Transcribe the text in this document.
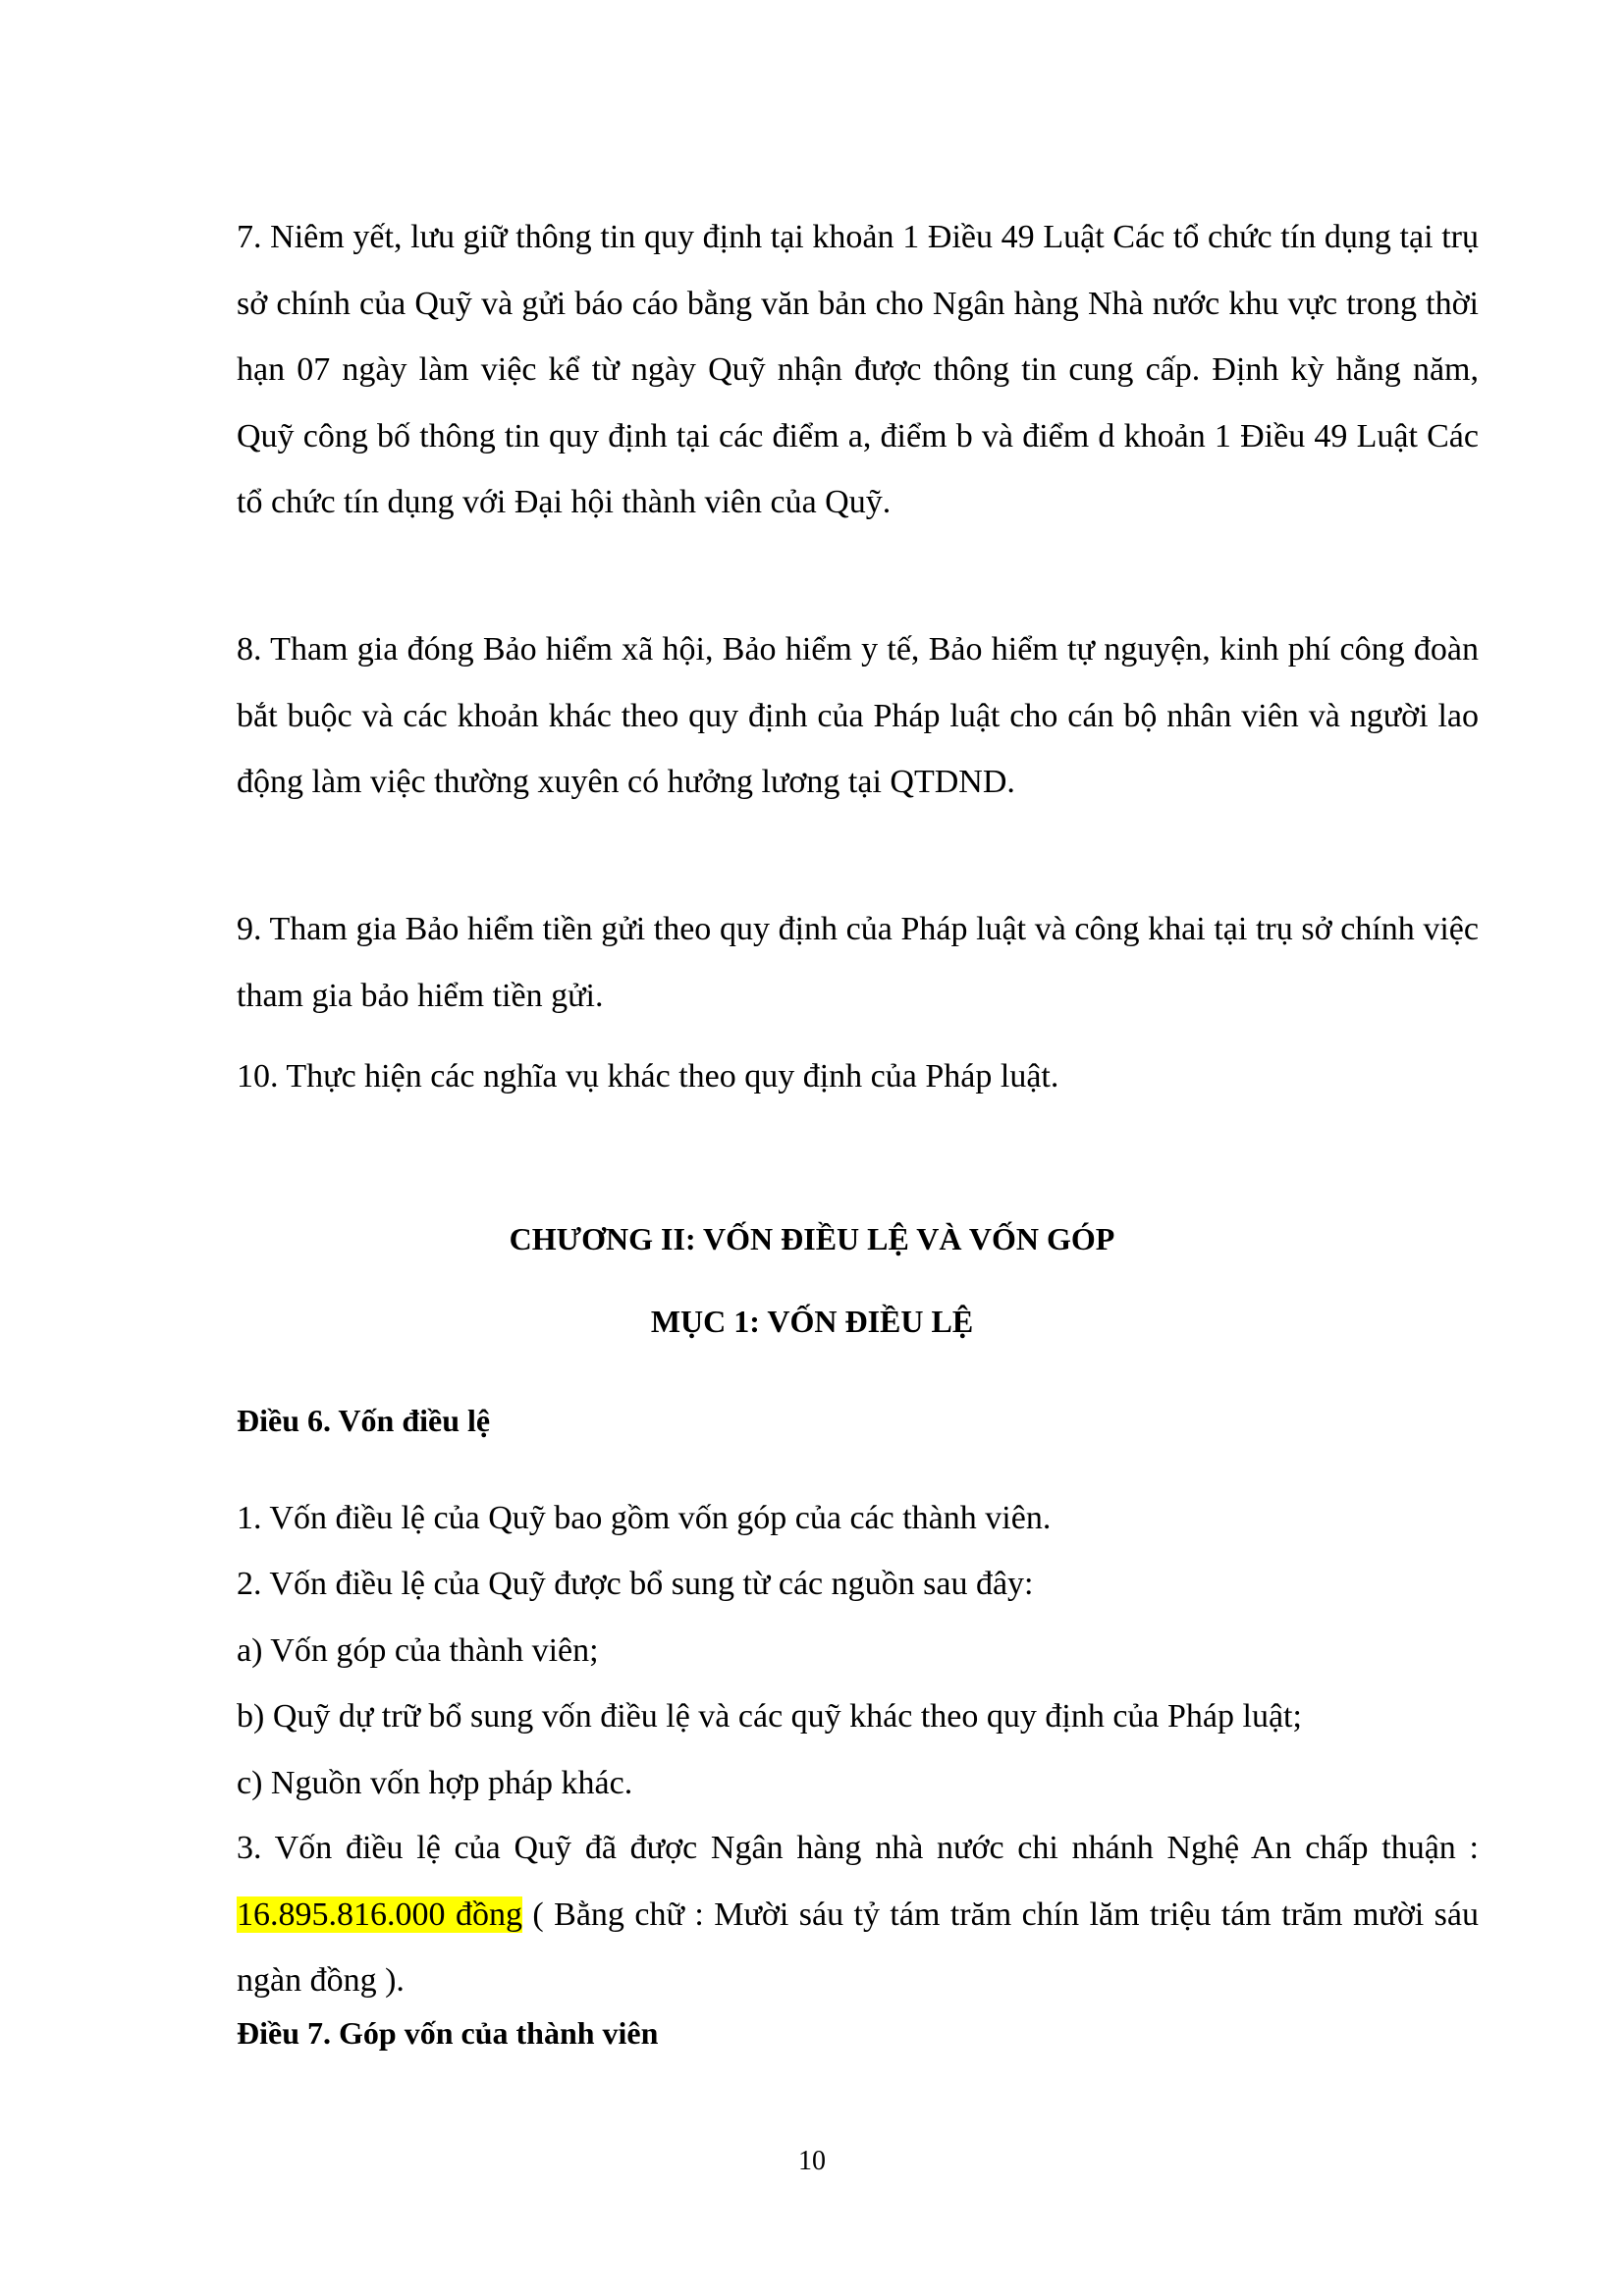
7. Niêm yết, lưu giữ thông tin quy định tại khoản 1 Điều 49 Luật Các tổ chức tín dụng tại trụ sở chính của Quỹ và gửi báo cáo bằng văn bản cho Ngân hàng Nhà nước khu vực trong thời hạn 07 ngày làm việc kể từ ngày Quỹ nhận được thông tin cung cấp. Định kỳ hằng năm, Quỹ công bố thông tin quy định tại các điểm a, điểm b và điểm d khoản 1 Điều 49 Luật Các tổ chức tín dụng với Đại hội thành viên của Quỹ.

8. Tham gia đóng Bảo hiểm xã hội, Bảo hiểm y tế, Bảo hiểm tự nguyện, kinh phí công đoàn bắt buộc và các khoản khác theo quy định của Pháp luật cho cán bộ nhân viên và người lao động làm việc thường xuyên có hưởng lương tại QTDND.

9. Tham gia Bảo hiểm tiền gửi theo quy định của Pháp luật và công khai tại trụ sở chính việc tham gia bảo hiểm tiền gửi.

10. Thực hiện các nghĩa vụ khác theo quy định của Pháp luật.

CHƯƠNG II: VỐN ĐIỀU LỆ VÀ VỐN GÓP

MỤC 1: VỐN ĐIỀU LỆ

Điều 6. Vốn điều lệ

1. Vốn điều lệ của Quỹ bao gồm vốn góp của các thành viên.

2. Vốn điều lệ của Quỹ được bổ sung từ các nguồn sau đây:

a) Vốn góp của thành viên;

b) Quỹ dự trữ bổ sung vốn điều lệ và các quỹ khác theo quy định của Pháp luật;

c) Nguồn vốn hợp pháp khác.

3. Vốn điều lệ của Quỹ đã được Ngân hàng nhà nước chi nhánh Nghệ An chấp thuận : 16.895.816.000 đồng ( Bằng chữ : Mười sáu tỷ tám trăm chín lăm triệu tám trăm mười sáu ngàn đồng ).

Điều 7. Góp vốn của thành viên

10
